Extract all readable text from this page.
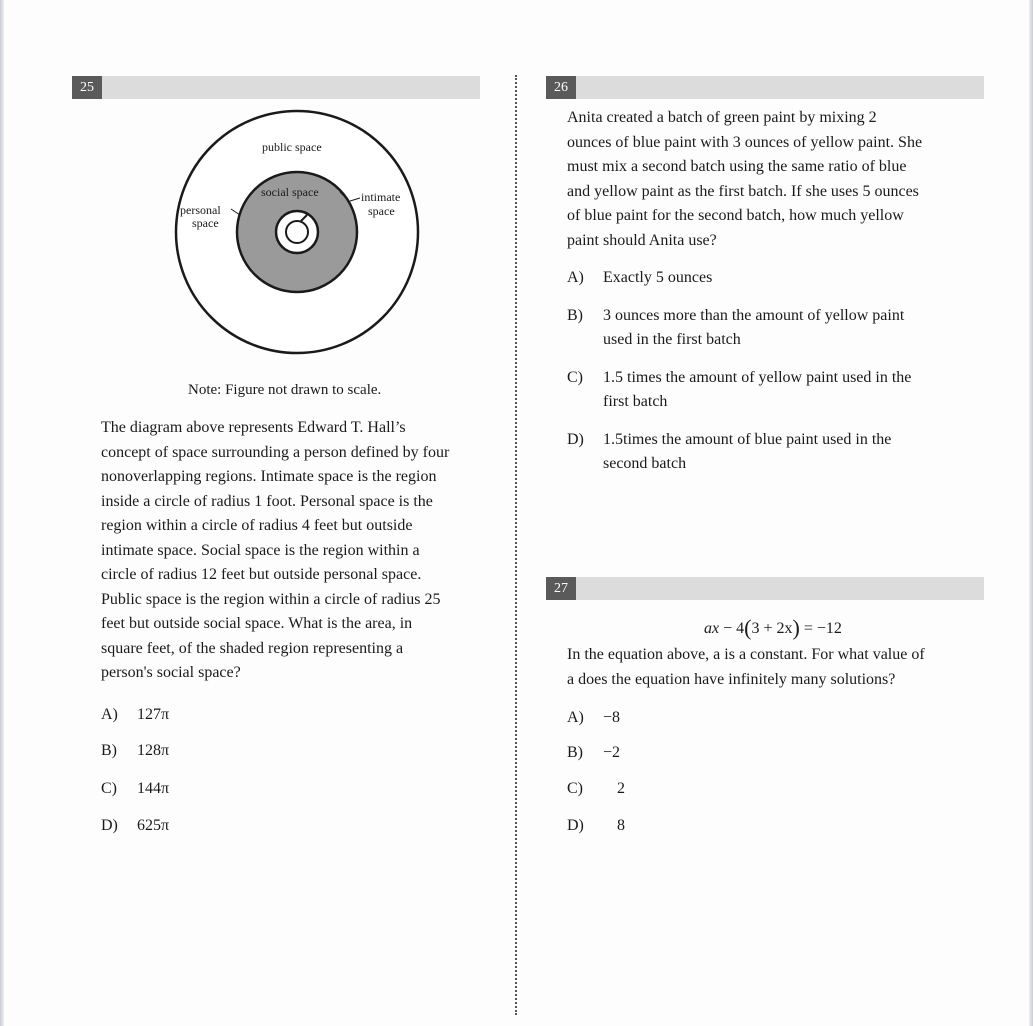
25
public space
social space
personal
space
intimate
space
Note: Figure not drawn to scale.
The diagram above represents Edward T. Hall’s
concept of space surrounding a person defined by four
nonoverlapping regions. Intimate space is the region
inside a circle of radius 1 foot. Personal space is the
region within a circle of radius 4 feet but outside
intimate space. Social space is the region within a
circle of radius 12 feet but outside personal space.
Public space is the region within a circle of radius 25
feet but outside social space. What is the area, in
square feet, of the shaded region representing a
person's social space?
A) 127π
B) 128π
C) 144π
D) 625π
26
Anita created a batch of green paint by mixing 2
ounces of blue paint with 3 ounces of yellow paint. She
must mix a second batch using the same ratio of blue
and yellow paint as the first batch. If she uses 5 ounces
of blue paint for the second batch, how much yellow
paint should Anita use?
A) Exactly 5 ounces
B) 3 ounces more than the amount of yellow paint
used in the first batch
C) 1.5 times the amount of yellow paint used in the
first batch
D) 1.5times the amount of blue paint used in the
second batch
27
ax − 4(3 + 2x) = −12
In the equation above, a is a constant. For what value of
a does the equation have infinitely many solutions?
A) −8
B) −2
C) 2
D) 8
